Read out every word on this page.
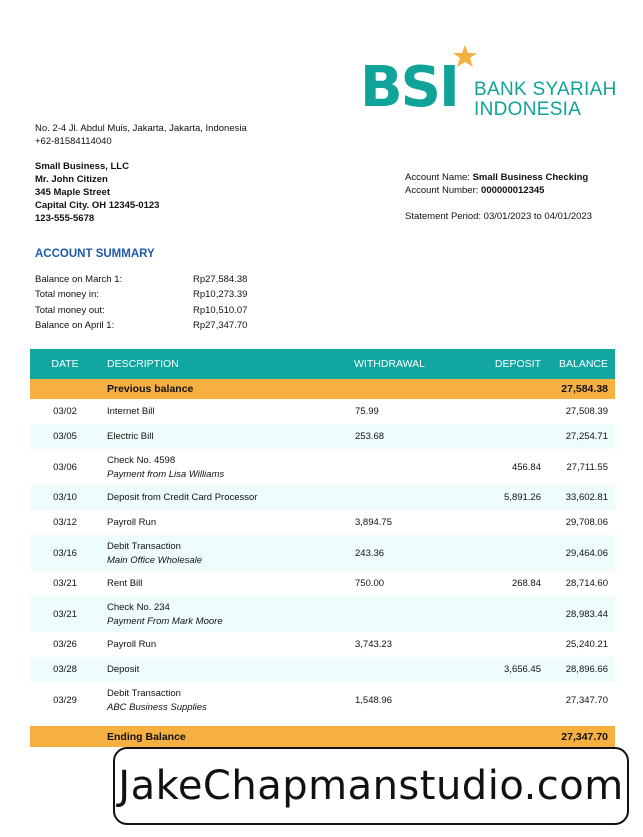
BSI BANK SYARIAH
INDONESIA
No. 2-4 Jl. Abdul Muis, Jakarta, Jakarta, Indonesia
+62-81584114040
Small Business, LLC
Mr. John Citizen
345 Maple Street
Capital City. OH 12345-0123
123-555-5678
Account Name: Small Business Checking
Account Number: 000000012345
Statement Period: 03/01/2023 to 04/01/2023
ACCOUNT SUMMARY
Balance on March 1:	Rp27,584.38
Total money in:	Rp10,273.39
Total money out:	Rp10,510.07
Balance on April 1:	Rp27,347.70
DATE	DESCRIPTION	WITHDRAWAL	DEPOSIT	BALANCE
	Previous balance			27,584.38
03/02	Internet Bill	75.99		27,508.39
03/05	Electric Bill	253.68		27,254.71
03/06	Check No. 4598
Payment from Lisa Williams		456.84	27,711.55
03/10	Deposit from Credit Card Processor		5,891.26	33,602.81
03/12	Payroll Run	3,894.75		29,708.06
03/16	Debit Transaction
Main Office Wholesale	243.36		29,464.06
03/21	Rent Bill	750.00	268.84	28,714.60
03/21	Check No. 234
Payment From Mark Moore			28,983.44
03/26	Payroll Run	3,743.23		25,240.21
03/28	Deposit		3,656.45	28,896.66
03/29	Debit Transaction
ABC Business Supplies	1,548.96		27,347.70

	Ending Balance			27,347.70
JakeChapmanstudio.com
